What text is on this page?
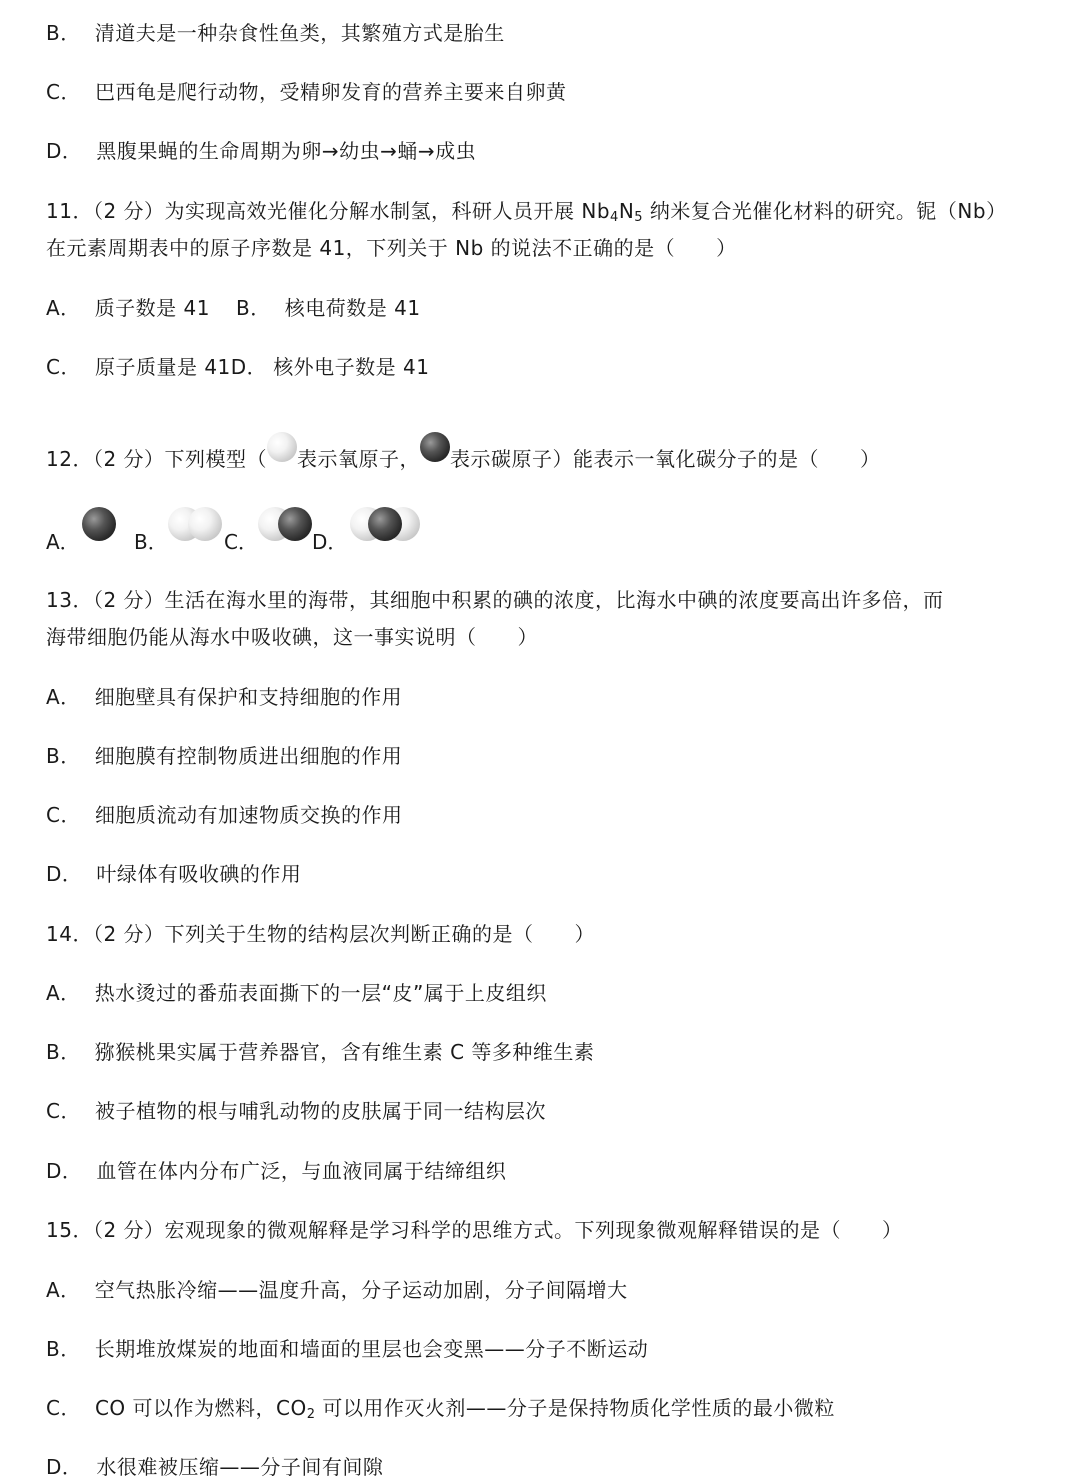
B． 清道夫是一种杂食性鱼类，其繁殖方式是胎生
C． 巴西龟是爬行动物，受精卵发育的营养主要来自卵黄
D． 黑腹果蝇的生命周期为卵→幼虫→蛹→成虫
11．（2 分）为实现高效光催化分解水制氢，科研人员开展 $Nb_4N_5$ 纳米复合光催化材料的研究。铌（Nb）
在元素周期表中的原子序数是 41，下列关于 Nb 的说法不正确的是（　　）
A． 质子数是 41 B． 核电荷数是 41
C． 原子质量是 41D． 核外电子数是 41
12．（2 分）下列模型（ 表示氧原子， 表示碳原子）能表示一氧化碳分子的是（　　）
A．	B．	C．	D．
13．（2 分）生活在海水里的海带，其细胞中积累的碘的浓度，比海水中碘的浓度要高出许多倍，而
海带细胞仍能从海水中吸收碘，这一事实说明（　　）
A． 细胞壁具有保护和支持细胞的作用
B． 细胞膜有控制物质进出细胞的作用
C． 细胞质流动有加速物质交换的作用
D． 叶绿体有吸收碘的作用
14．（2 分）下列关于生物的结构层次判断正确的是（　　）
A． 热水烫过的番茄表面撕下的一层“皮”属于上皮组织
B． 猕猴桃果实属于营养器官，含有维生素 C 等多种维生素
C． 被子植物的根与哺乳动物的皮肤属于同一结构层次
D． 血管在体内分布广泛，与血液同属于结缔组织
15．（2 分）宏观现象的微观解释是学习科学的思维方式。下列现象微观解释错误的是（　　）
A． 空气热胀冷缩——温度升高，分子运动加剧，分子间隔增大
B． 长期堆放煤炭的地面和墙面的里层也会变黑——分子不断运动
C． CO 可以作为燃料，$CO_2$ 可以用作灭火剂——分子是保持物质化学性质的最小微粒
D． 水很难被压缩——分子间有间隙
